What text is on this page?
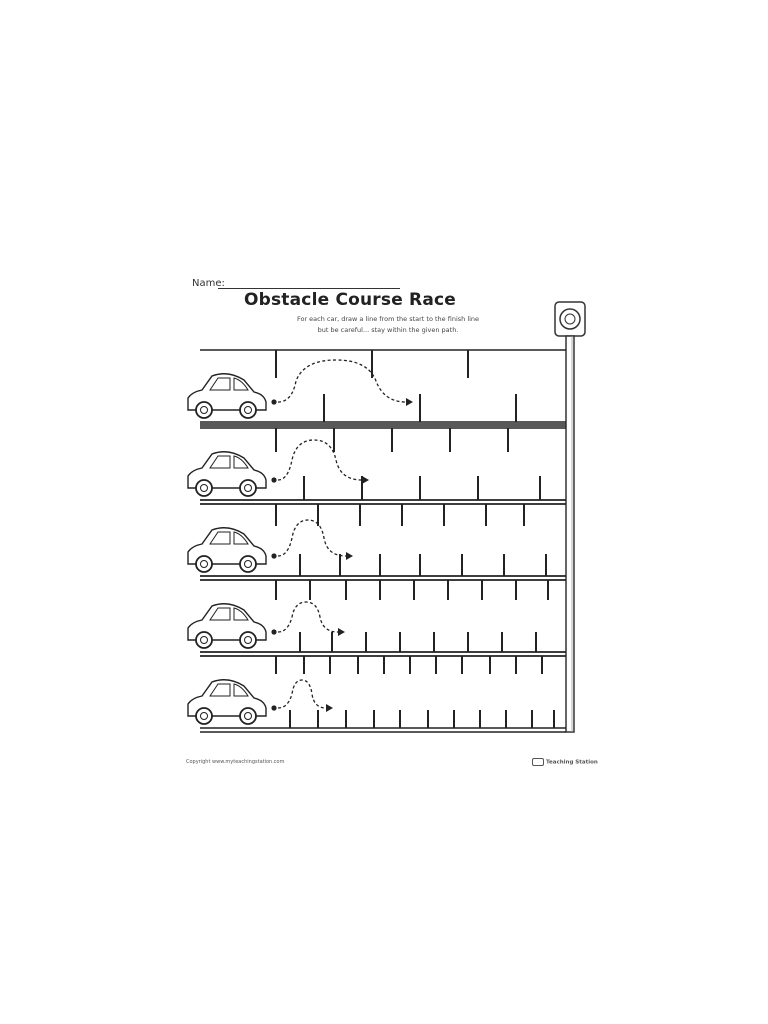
Name:
Obstacle Course Race
For each car, draw a line from the start to the finish line
but be careful... stay within the given path.
Copyright www.myteachingstation.com	Teaching Station
